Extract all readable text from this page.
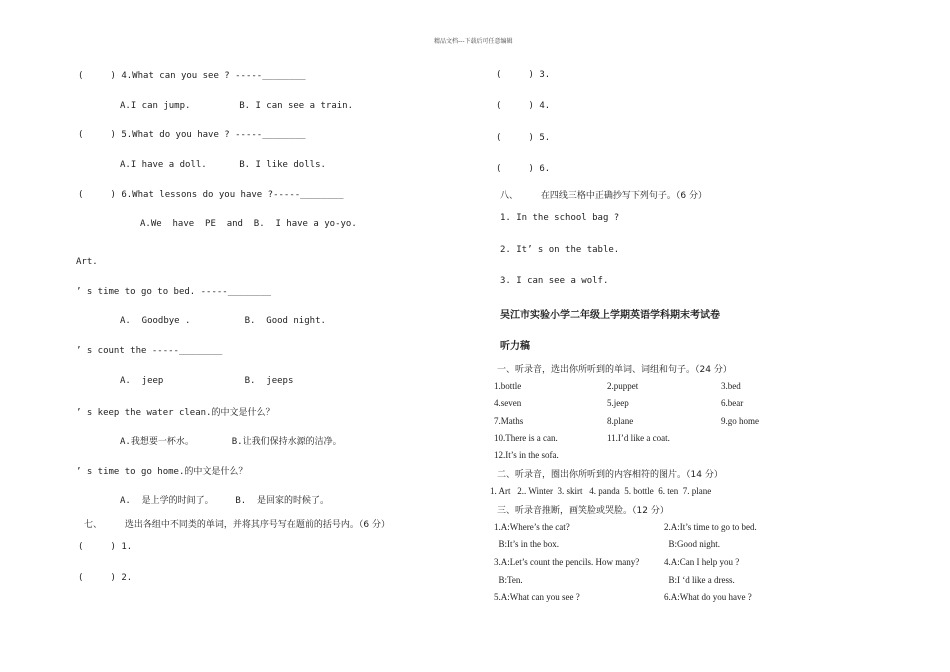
精品文档---下载后可任意编辑
(     ) 4.What can you see ? -----________
A.I can jump.         B. I can see a train.
(     ) 5.What do you have ? -----________
A.I have a doll.      B. I like dolls.
(     ) 6.What lessons do you have ?-----________
A.We  have  PE  and  B.  I have a yo-yo.
Art.
’ s time to go to bed. -----________
A.  Goodbye .          B.  Good night.
’ s count the -----________
A.  jeep               B.  jeeps
’ s keep the water clean.的中文是什么？
A.我想要一杯水。       B.让我们保持水源的洁净。
’ s time to go home.的中文是什么？
A.  是上学的时间了。    B.  是回家的时候了。
七、        选出各组中不同类的单词，并将其序号写在题前的括号内。（6 分）
(     ) 1.
(     ) 2.
(     ) 3.
(     ) 4.
(     ) 5.
(     ) 6.
八、        在四线三格中正确抄写下列句子。（6 分）
1. In the school bag ?
2. It’ s on the table.
3. I can see a wolf.
吴江市实验小学二年级上学期英语学科期末考试卷
听力稿
一、听录音，选出你所听到的单词、词组和句子。（24 分）
1.bottle	2.puppet	3.bed
4.seven	5.jeep	6.bear
7.Maths	8.plane	9.go home
10.There is a can.	11.I’d like a coat.
12.It’s in the sofa.
二、听录音，圈出你所听到的内容相符的图片。（14 分）
1. Art   2.. Winter  3. skirt   4. panda  5. bottle  6. ten  7. plane
三、听录音推断，画笑脸或哭脸。（12 分）
1.A:Where’s the cat?	2.A:It’s time to go to bed.
B:It’s in the box.	B:Good night.
3.A:Let’s count the pencils. How many?	4.A:Can I help you ?
B:Ten.	B:I ‘d like a dress.
5.A:What can you see ?	6.A:What do you have ?
